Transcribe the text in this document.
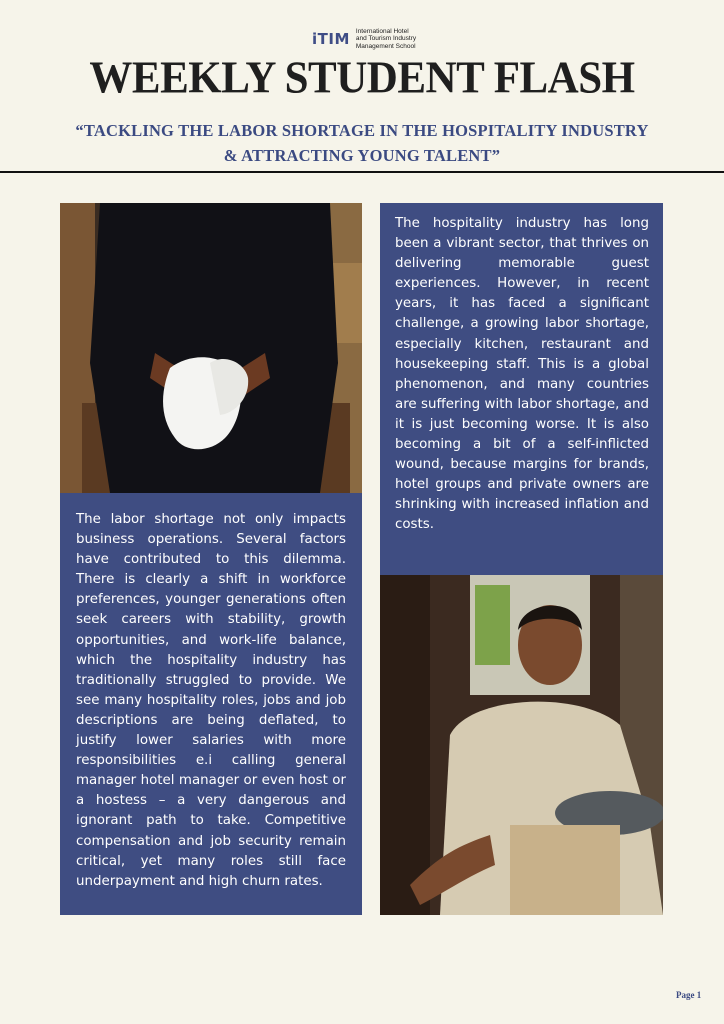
iTIM International Hotel
and Tourism Industry
Management School
WEEKLY STUDENT FLASH
“TACKLING THE LABOR SHORTAGE IN THE HOSPITALITY INDUSTRY
& ATTRACTING YOUNG TALENT”
The labor shortage not only impacts business operations. Several factors have contributed to this dilemma. There is clearly a shift in workforce preferences, younger generations often seek careers with stability, growth opportunities, and work-life balance, which the hospitality industry has traditionally struggled to provide. We see many hospitality roles, jobs and job descriptions are being deflated, to justify lower salaries with more responsibilities e.i calling general manager hotel manager or even host or a hostess – a very dangerous and ignorant path to take. Competitive compensation and job security remain critical, yet many roles still face underpayment and high churn rates.
The hospitality industry has long been a vibrant sector, that thrives on delivering memorable guest experiences. However, in recent years, it has faced a significant challenge, a growing labor shortage, especially kitchen, restaurant and housekeeping staff. This is a global phenomenon, and many countries are suffering with labor shortage, and it is just becoming worse. It is also becoming a bit of a self-inflicted wound, because margins for brands, hotel groups and private owners are shrinking with increased inflation and costs.
Page 1
